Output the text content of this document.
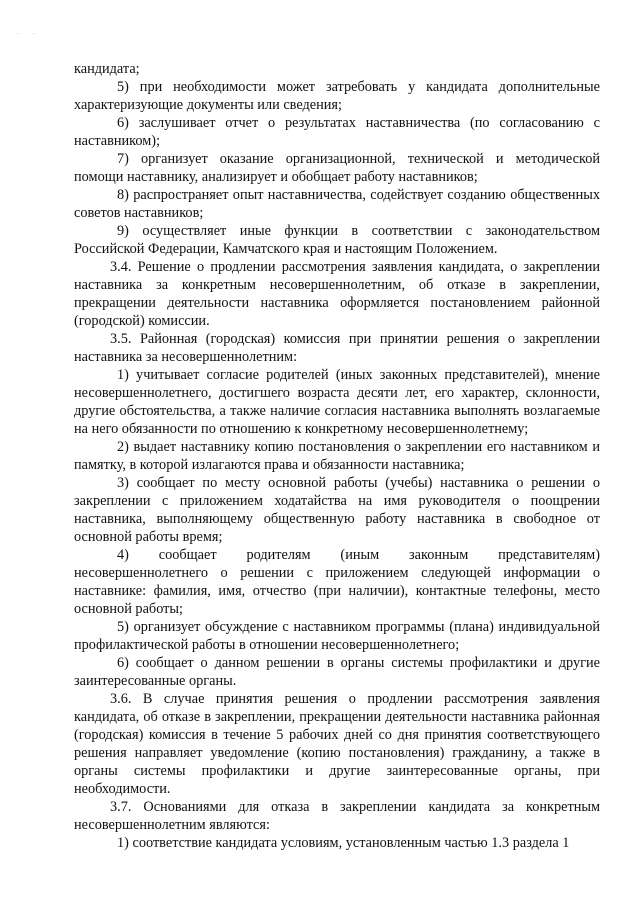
· ·

кандидата;

5) при необходимости может затребовать у кандидата дополнительные характеризующие документы или сведения;

6) заслушивает отчет о результатах наставничества (по согласованию с наставником);

7) организует оказание организационной, технической и методической помощи наставнику, анализирует и обобщает работу наставников;

8) распространяет опыт наставничества, содействует созданию общественных советов наставников;

9) осуществляет иные функции в соответствии с законодательством Российской Федерации, Камчатского края и настоящим Положением.

3.4. Решение о продлении рассмотрения заявления кандидата, о закреплении наставника за конкретным несовершеннолетним, об отказе в закреплении, прекращении деятельности наставника оформляется постановлением районной (городской) комиссии.

3.5. Районная (городская) комиссия при принятии решения о закреплении наставника за несовершеннолетним:

1) учитывает согласие родителей (иных законных представителей), мнение несовершеннолетнего, достигшего возраста десяти лет, его характер, склонности, другие обстоятельства, а также наличие согласия наставника выполнять возлагаемые на него обязанности по отношению к конкретному несовершеннолетнему;

2) выдает наставнику копию постановления о закреплении его наставником и памятку, в которой излагаются права и обязанности наставника;

3) сообщает по месту основной работы (учебы) наставника о решении о закреплении с приложением ходатайства на имя руководителя о поощрении наставника, выполняющему общественную работу наставника в свободное от основной работы время;

4) сообщает родителям (иным законным представителям) несовершеннолетнего о решении с приложением следующей информации о наставнике: фамилия, имя, отчество (при наличии), контактные телефоны, место основной работы;

5) организует обсуждение с наставником программы (плана) индивидуальной профилактической работы в отношении несовершеннолетнего;

6) сообщает о данном решении в органы системы профилактики и другие заинтересованные органы.

3.6. В случае принятия решения о продлении рассмотрения заявления кандидата, об отказе в закреплении, прекращении деятельности наставника районная (городская) комиссия в течение 5 рабочих дней со дня принятия соответствующего решения направляет уведомление (копию постановления) гражданину, а также в органы системы профилактики и другие заинтересованные органы, при необходимости.

3.7. Основаниями для отказа в закреплении кандидата за конкретным несовершеннолетним являются:

1) соответствие кандидата условиям, установленным частью 1.3 раздела 1
